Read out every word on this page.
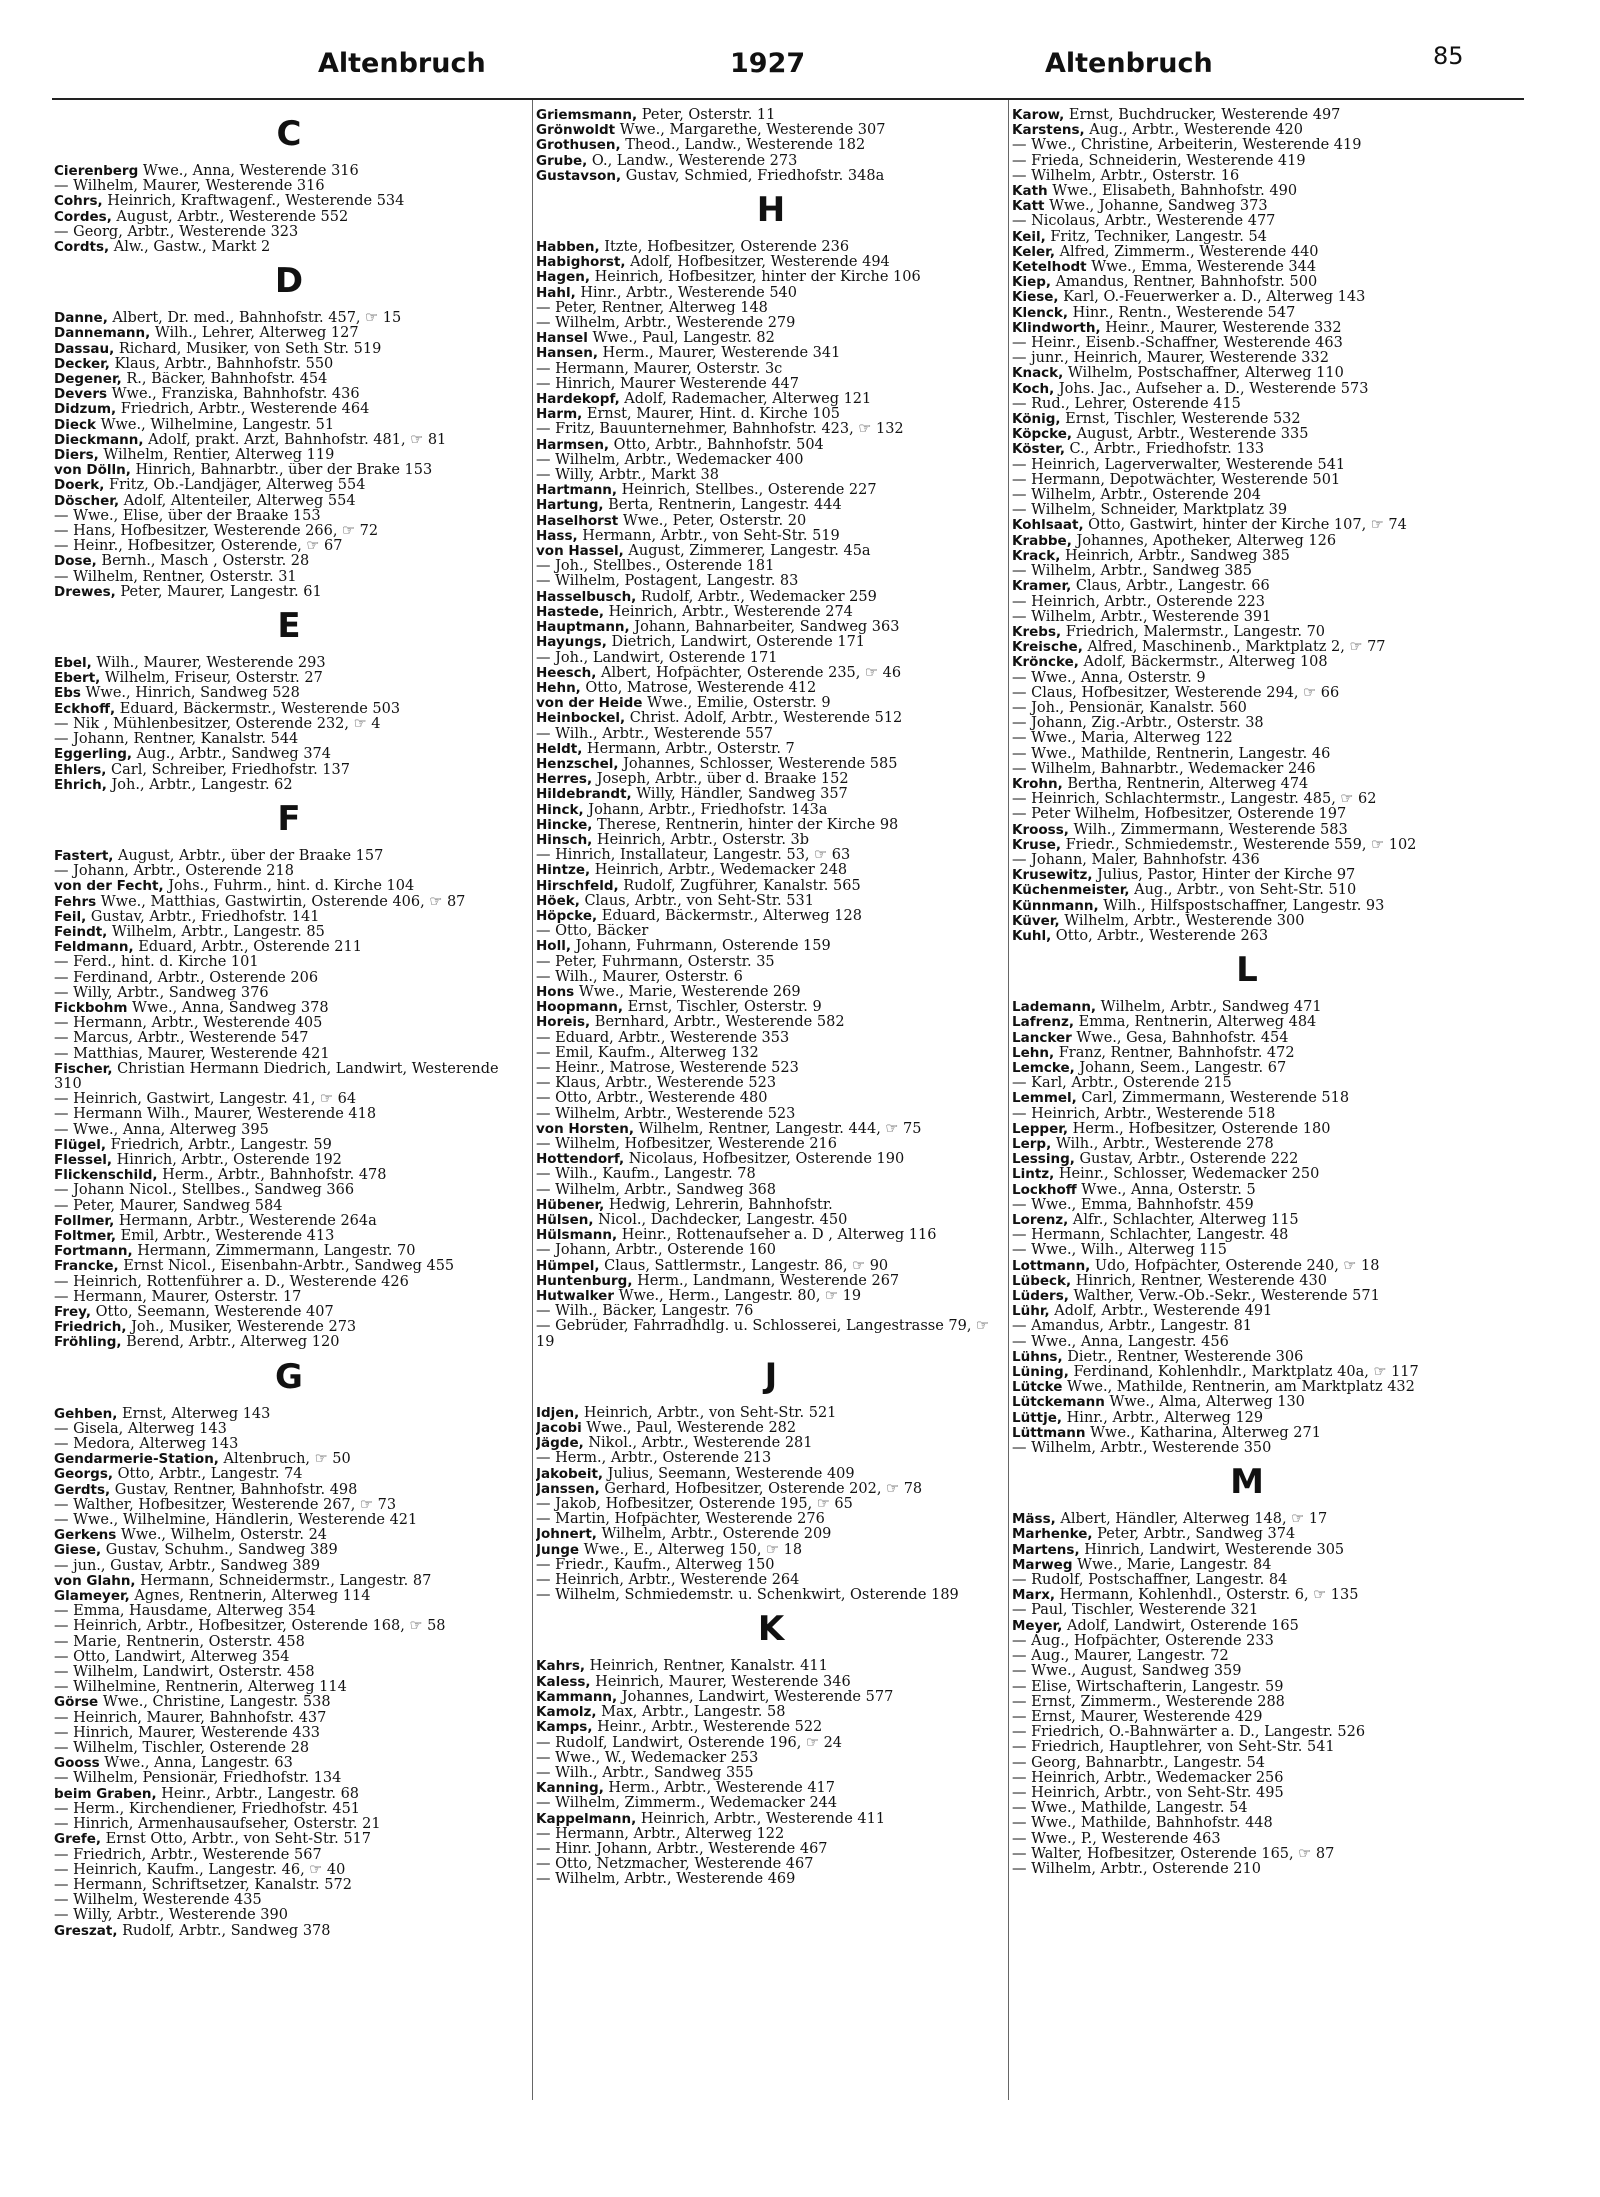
Altenbruch	1927	Altenbruch	85
C
Cierenberg Wwe., Anna, Westerende 316
— Wilhelm, Maurer, Westerende 316
Cohrs, Heinrich, Kraftwagenf., Westerende 534
Cordes, August, Arbtr., Westerende 552
— Georg, Arbtr., Westerende 323
Cordts, Alw., Gastw., Markt 2
D
Danne, Albert, Dr. med., Bahnhofstr. 457, ☞ 15
Dannemann, Wilh., Lehrer, Alterweg 127
Dassau, Richard, Musiker, von Seth Str. 519
Decker, Klaus, Arbtr., Bahnhofstr. 550
Degener, R., Bäcker, Bahnhofstr. 454
Devers Wwe., Franziska, Bahnhofstr. 436
Didzum, Friedrich, Arbtr., Westerende 464
Dieck Wwe., Wilhelmine, Langestr. 51
Dieckmann, Adolf, prakt. Arzt, Bahnhofstr. 481, ☞ 81
Diers, Wilhelm, Rentier, Alterweg 119
von Dölln, Hinrich, Bahnarbtr., über der Brake 153
Doerk, Fritz, Ob.-Landjäger, Alterweg 554
Döscher, Adolf, Altenteiler, Alterweg 554
— Wwe., Elise, über der Braake 153
— Hans, Hofbesitzer, Westerende 266, ☞ 72
— Heinr., Hofbesitzer, Osterende, ☞ 67
Dose, Bernh., Masch , Osterstr. 28
— Wilhelm, Rentner, Osterstr. 31
Drewes, Peter, Maurer, Langestr. 61
E
Ebel, Wilh., Maurer, Westerende 293
Ebert, Wilhelm, Friseur, Osterstr. 27
Ebs Wwe., Hinrich, Sandweg 528
Eckhoff, Eduard, Bäckermstr., Westerende 503
— Nik , Mühlenbesitzer, Osterende 232, ☞ 4
— Johann, Rentner, Kanalstr. 544
Eggerling, Aug., Arbtr., Sandweg 374
Ehlers, Carl, Schreiber, Friedhofstr. 137
Ehrich, Joh., Arbtr., Langestr. 62
F
Fastert, August, Arbtr., über der Braake 157
— Johann, Arbtr., Osterende 218
von der Fecht, Johs., Fuhrm., hint. d. Kirche 104
Fehrs Wwe., Matthias, Gastwirtin, Osterende 406, ☞ 87
Feil, Gustav, Arbtr., Friedhofstr. 141
Feindt, Wilhelm, Arbtr., Langestr. 85
Feldmann, Eduard, Arbtr., Osterende 211
— Ferd., hint. d. Kirche 101
— Ferdinand, Arbtr., Osterende 206
— Willy, Arbtr., Sandweg 376
Fickbohm Wwe., Anna, Sandweg 378
— Hermann, Arbtr., Westerende 405
— Marcus, Arbtr., Westerende 547
— Matthias, Maurer, Westerende 421
Fischer, Christian Hermann Diedrich, Landwirt, Westerende 310
— Heinrich, Gastwirt, Langestr. 41, ☞ 64
— Hermann Wilh., Maurer, Westerende 418
— Wwe., Anna, Alterweg 395
Flügel, Friedrich, Arbtr., Langestr. 59
Flessel, Hinrich, Arbtr., Osterende 192
Flickenschild, Herm., Arbtr., Bahnhofstr. 478
— Johann Nicol., Stellbes., Sandweg 366
— Peter, Maurer, Sandweg 584
Follmer, Hermann, Arbtr., Westerende 264a
Foltmer, Emil, Arbtr., Westerende 413
Fortmann, Hermann, Zimmermann, Langestr. 70
Francke, Ernst Nicol., Eisenbahn-Arbtr., Sandweg 455
— Heinrich, Rottenführer a. D., Westerende 426
— Hermann, Maurer, Osterstr. 17
Frey, Otto, Seemann, Westerende 407
Friedrich, Joh., Musiker, Westerende 273
Fröhling, Berend, Arbtr., Alterweg 120
G
Gehben, Ernst, Alterweg 143
— Gisela, Alterweg 143
— Medora, Alterweg 143
Gendarmerie-Station, Altenbruch, ☞ 50
Georgs, Otto, Arbtr., Langestr. 74
Gerdts, Gustav, Rentner, Bahnhofstr. 498
— Walther, Hofbesitzer, Westerende 267, ☞ 73
— Wwe., Wilhelmine, Händlerin, Westerende 421
Gerkens Wwe., Wilhelm, Osterstr. 24
Giese, Gustav, Schuhm., Sandweg 389
— jun., Gustav, Arbtr., Sandweg 389
von Glahn, Hermann, Schneidermstr., Langestr. 87
Glameyer, Agnes, Rentnerin, Alterweg 114
— Emma, Hausdame, Alterweg 354
— Heinrich, Arbtr., Hofbesitzer, Osterende 168, ☞ 58
— Marie, Rentnerin, Osterstr. 458
— Otto, Landwirt, Alterweg 354
— Wilhelm, Landwirt, Osterstr. 458
— Wilhelmine, Rentnerin, Alterweg 114
Görse Wwe., Christine, Langestr. 538
— Heinrich, Maurer, Bahnhofstr. 437
— Hinrich, Maurer, Westerende 433
— Wilhelm, Tischler, Osterende 28
Gooss Wwe., Anna, Langestr. 63
— Wilhelm, Pensionär, Friedhofstr. 134
beim Graben, Heinr., Arbtr., Langestr. 68
— Herm., Kirchendiener, Friedhofstr. 451
— Hinrich, Armenhausaufseher, Osterstr. 21
Grefe, Ernst Otto, Arbtr., von Seht-Str. 517
— Friedrich, Arbtr., Westerende 567
— Heinrich, Kaufm., Langestr. 46, ☞ 40
— Hermann, Schriftsetzer, Kanalstr. 572
— Wilhelm, Westerende 435
— Willy, Arbtr., Westerende 390
Greszat, Rudolf, Arbtr., Sandweg 378
Griemsmann, Peter, Osterstr. 11
Grönwoldt Wwe., Margarethe, Westerende 307
Grothusen, Theod., Landw., Westerende 182
Grube, O., Landw., Westerende 273
Gustavson, Gustav, Schmied, Friedhofstr. 348a
H
Habben, Itzte, Hofbesitzer, Osterende 236
Habighorst, Adolf, Hofbesitzer, Westerende 494
Hagen, Heinrich, Hofbesitzer, hinter der Kirche 106
Hahl, Hinr., Arbtr., Westerende 540
— Peter, Rentner, Alterweg 148
— Wilhelm, Arbtr., Westerende 279
Hansel Wwe., Paul, Langestr. 82
Hansen, Herm., Maurer, Westerende 341
— Hermann, Maurer, Osterstr. 3c
— Hinrich, Maurer Westerende 447
Hardekopf, Adolf, Rademacher, Alterweg 121
Harm, Ernst, Maurer, Hint. d. Kirche 105
— Fritz, Bauunternehmer, Bahnhofstr. 423, ☞ 132
Harmsen, Otto, Arbtr., Bahnhofstr. 504
— Wilhelm, Arbtr., Wedemacker 400
— Willy, Arbtr., Markt 38
Hartmann, Heinrich, Stellbes., Osterende 227
Hartung, Berta, Rentnerin, Langestr. 444
Haselhorst Wwe., Peter, Osterstr. 20
Hass, Hermann, Arbtr., von Seht-Str. 519
von Hassel, August, Zimmerer, Langestr. 45a
— Joh., Stellbes., Osterende 181
— Wilhelm, Postagent, Langestr. 83
Hasselbusch, Rudolf, Arbtr., Wedemacker 259
Hastede, Heinrich, Arbtr., Westerende 274
Hauptmann, Johann, Bahnarbeiter, Sandweg 363
Hayungs, Dietrich, Landwirt, Osterende 171
— Joh., Landwirt, Osterende 171
Heesch, Albert, Hofpächter, Osterende 235, ☞ 46
Hehn, Otto, Matrose, Westerende 412
von der Heide Wwe., Emilie, Osterstr. 9
Heinbockel, Christ. Adolf, Arbtr., Westerende 512
— Wilh., Arbtr., Westerende 557
Heldt, Hermann, Arbtr., Osterstr. 7
Henzschel, Johannes, Schlosser, Westerende 585
Herres, Joseph, Arbtr., über d. Braake 152
Hildebrandt, Willy, Händler, Sandweg 357
Hinck, Johann, Arbtr., Friedhofstr. 143a
Hincke, Therese, Rentnerin, hinter der Kirche 98
Hinsch, Heinrich, Arbtr., Osterstr. 3b
— Hinrich, Installateur, Langestr. 53, ☞ 63
Hintze, Heinrich, Arbtr., Wedemacker 248
Hirschfeld, Rudolf, Zugführer, Kanalstr. 565
Höek, Claus, Arbtr., von Seht-Str. 531
Höpcke, Eduard, Bäckermstr., Alterweg 128
— Otto, Bäcker
Holl, Johann, Fuhrmann, Osterende 159
— Peter, Fuhrmann, Osterstr. 35
— Wilh., Maurer, Osterstr. 6
Hons Wwe., Marie, Westerende 269
Hoopmann, Ernst, Tischler, Osterstr. 9
Horeis, Bernhard, Arbtr., Westerende 582
— Eduard, Arbtr., Westerende 353
— Emil, Kaufm., Alterweg 132
— Heinr., Matrose, Westerende 523
— Klaus, Arbtr., Westerende 523
— Otto, Arbtr., Westerende 480
— Wilhelm, Arbtr., Westerende 523
von Horsten, Wilhelm, Rentner, Langestr. 444, ☞ 75
— Wilhelm, Hofbesitzer, Westerende 216
Hottendorf, Nicolaus, Hofbesitzer, Osterende 190
— Wilh., Kaufm., Langestr. 78
— Wilhelm, Arbtr., Sandweg 368
Hübener, Hedwig, Lehrerin, Bahnhofstr.
Hülsen, Nicol., Dachdecker, Langestr. 450
Hülsmann, Heinr., Rottenaufseher a. D , Alterweg 116
— Johann, Arbtr., Osterende 160
Hümpel, Claus, Sattlermstr., Langestr. 86, ☞ 90
Huntenburg, Herm., Landmann, Westerende 267
Hutwalker Wwe., Herm., Langestr. 80, ☞ 19
— Wilh., Bäcker, Langestr. 76
— Gebrüder, Fahrradhdlg. u. Schlosserei, Langestrasse 79, ☞ 19
J
Idjen, Heinrich, Arbtr., von Seht-Str. 521
Jacobi Wwe., Paul, Westerende 282
Jägde, Nikol., Arbtr., Westerende 281
— Herm., Arbtr., Osterende 213
Jakobeit, Julius, Seemann, Westerende 409
Janssen, Gerhard, Hofbesitzer, Osterende 202, ☞ 78
— Jakob, Hofbesitzer, Osterende 195, ☞ 65
— Martin, Hofpächter, Westerende 276
Johnert, Wilhelm, Arbtr., Osterende 209
Junge Wwe., E., Alterweg 150, ☞ 18
— Friedr., Kaufm., Alterweg 150
— Heinrich, Arbtr., Westerende 264
— Wilhelm, Schmiedemstr. u. Schenkwirt, Osterende 189
K
Kahrs, Heinrich, Rentner, Kanalstr. 411
Kaless, Heinrich, Maurer, Westerende 346
Kammann, Johannes, Landwirt, Westerende 577
Kamolz, Max, Arbtr., Langestr. 58
Kamps, Heinr., Arbtr., Westerende 522
— Rudolf, Landwirt, Osterende 196, ☞ 24
— Wwe., W., Wedemacker 253
— Wilh., Arbtr., Sandweg 355
Kanning, Herm., Arbtr., Westerende 417
— Wilhelm, Zimmerm., Wedemacker 244
Kappelmann, Heinrich, Arbtr., Westerende 411
— Hermann, Arbtr., Alterweg 122
— Hinr. Johann, Arbtr., Westerende 467
— Otto, Netzmacher, Westerende 467
— Wilhelm, Arbtr., Westerende 469
Karow, Ernst, Buchdrucker, Westerende 497
Karstens, Aug., Arbtr., Westerende 420
— Wwe., Christine, Arbeiterin, Westerende 419
— Frieda, Schneiderin, Westerende 419
— Wilhelm, Arbtr., Osterstr. 16
Kath Wwe., Elisabeth, Bahnhofstr. 490
Katt Wwe., Johanne, Sandweg 373
— Nicolaus, Arbtr., Westerende 477
Keil, Fritz, Techniker, Langestr. 54
Keler, Alfred, Zimmerm., Westerende 440
Ketelhodt Wwe., Emma, Westerende 344
Kiep, Amandus, Rentner, Bahnhofstr. 500
Kiese, Karl, O.-Feuerwerker a. D., Alterweg 143
Klenck, Hinr., Rentn., Westerende 547
Klindworth, Heinr., Maurer, Westerende 332
— Heinr., Eisenb.-Schaffner, Westerende 463
— junr., Heinrich, Maurer, Westerende 332
Knack, Wilhelm, Postschaffner, Alterweg 110
Koch, Johs. Jac., Aufseher a. D., Westerende 573
— Rud., Lehrer, Osterende 415
König, Ernst, Tischler, Westerende 532
Köpcke, August, Arbtr., Westerende 335
Köster, C., Arbtr., Friedhofstr. 133
— Heinrich, Lagerverwalter, Westerende 541
— Hermann, Depotwächter, Westerende 501
— Wilhelm, Arbtr., Osterende 204
— Wilhelm, Schneider, Marktplatz 39
Kohlsaat, Otto, Gastwirt, hinter der Kirche 107, ☞ 74
Krabbe, Johannes, Apotheker, Alterweg 126
Krack, Heinrich, Arbtr., Sandweg 385
— Wilhelm, Arbtr., Sandweg 385
Kramer, Claus, Arbtr., Langestr. 66
— Heinrich, Arbtr., Osterende 223
— Wilhelm, Arbtr., Westerende 391
Krebs, Friedrich, Malermstr., Langestr. 70
Kreische, Alfred, Maschinenb., Marktplatz 2, ☞ 77
Kröncke, Adolf, Bäckermstr., Alterweg 108
— Wwe., Anna, Osterstr. 9
— Claus, Hofbesitzer, Westerende 294, ☞ 66
— Joh., Pensionär, Kanalstr. 560
— Johann, Zig.-Arbtr., Osterstr. 38
— Wwe., Maria, Alterweg 122
— Wwe., Mathilde, Rentnerin, Langestr. 46
— Wilhelm, Bahnarbtr., Wedemacker 246
Krohn, Bertha, Rentnerin, Alterweg 474
— Heinrich, Schlachtermstr., Langestr. 485, ☞ 62
— Peter Wilhelm, Hofbesitzer, Osterende 197
Krooss, Wilh., Zimmermann, Westerende 583
Kruse, Friedr., Schmiedemstr., Westerende 559, ☞ 102
— Johann, Maler, Bahnhofstr. 436
Krusewitz, Julius, Pastor, Hinter der Kirche 97
Küchenmeister, Aug., Arbtr., von Seht-Str. 510
Künnmann, Wilh., Hilfspostschaffner, Langestr. 93
Küver, Wilhelm, Arbtr., Westerende 300
Kuhl, Otto, Arbtr., Westerende 263
L
Lademann, Wilhelm, Arbtr., Sandweg 471
Lafrenz, Emma, Rentnerin, Alterweg 484
Lancker Wwe., Gesa, Bahnhofstr. 454
Lehn, Franz, Rentner, Bahnhofstr. 472
Lemcke, Johann, Seem., Langestr. 67
— Karl, Arbtr., Osterende 215
Lemmel, Carl, Zimmermann, Westerende 518
— Heinrich, Arbtr., Westerende 518
Lepper, Herm., Hofbesitzer, Osterende 180
Lerp, Wilh., Arbtr., Westerende 278
Lessing, Gustav, Arbtr., Osterende 222
Lintz, Heinr., Schlosser, Wedemacker 250
Lockhoff Wwe., Anna, Osterstr. 5
— Wwe., Emma, Bahnhofstr. 459
Lorenz, Alfr., Schlachter, Alterweg 115
— Hermann, Schlachter, Langestr. 48
— Wwe., Wilh., Alterweg 115
Lottmann, Udo, Hofpächter, Osterende 240, ☞ 18
Lübeck, Hinrich, Rentner, Westerende 430
Lüders, Walther, Verw.-Ob.-Sekr., Westerende 571
Lühr, Adolf, Arbtr., Westerende 491
— Amandus, Arbtr., Langestr. 81
— Wwe., Anna, Langestr. 456
Lühns, Dietr., Rentner, Westerende 306
Lüning, Ferdinand, Kohlenhdlr., Marktplatz 40a, ☞ 117
Lütcke Wwe., Mathilde, Rentnerin, am Marktplatz 432
Lütckemann Wwe., Alma, Alterweg 130
Lüttje, Hinr., Arbtr., Alterweg 129
Lüttmann Wwe., Katharina, Alterweg 271
— Wilhelm, Arbtr., Westerende 350
M
Mäss, Albert, Händler, Alterweg 148, ☞ 17
Marhenke, Peter, Arbtr., Sandweg 374
Martens, Hinrich, Landwirt, Westerende 305
Marweg Wwe., Marie, Langestr. 84
— Rudolf, Postschaffner, Langestr. 84
Marx, Hermann, Kohlenhdl., Osterstr. 6, ☞ 135
— Paul, Tischler, Westerende 321
Meyer, Adolf, Landwirt, Osterende 165
— Aug., Hofpächter, Osterende 233
— Aug., Maurer, Langestr. 72
— Wwe., August, Sandweg 359
— Elise, Wirtschafterin, Langestr. 59
— Ernst, Zimmerm., Westerende 288
— Ernst, Maurer, Westerende 429
— Friedrich, O.-Bahnwärter a. D., Langestr. 526
— Friedrich, Hauptlehrer, von Seht-Str. 541
— Georg, Bahnarbtr., Langestr. 54
— Heinrich, Arbtr., Wedemacker 256
— Heinrich, Arbtr., von Seht-Str. 495
— Wwe., Mathilde, Langestr. 54
— Wwe., Mathilde, Bahnhofstr. 448
— Wwe., P., Westerende 463
— Walter, Hofbesitzer, Osterende 165, ☞ 87
— Wilhelm, Arbtr., Osterende 210
